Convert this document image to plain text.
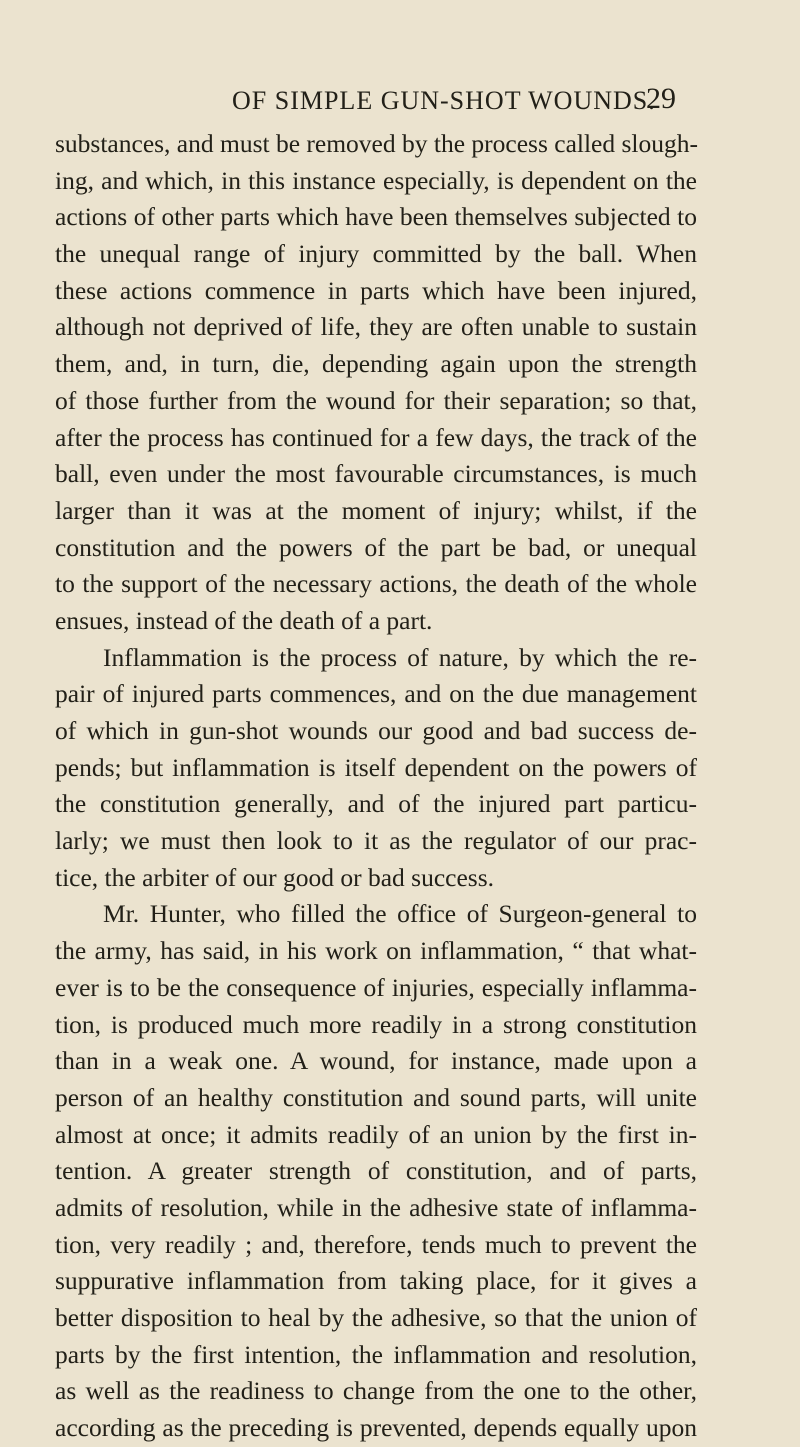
OF SIMPLE GUN-SHOT WOUNDS.
29
substances, and must be removed by the process called slough-
ing, and which, in this instance especially, is dependent on the
actions of other parts which have been themselves subjected to
the unequal range of injury committed by the ball. When
these actions commence in parts which have been injured,
although not deprived of life, they are often unable to sustain
them, and, in turn, die, depending again upon the strength
of those further from the wound for their separation; so that,
after the process has continued for a few days, the track of the
ball, even under the most favourable circumstances, is much
larger than it was at the moment of injury; whilst, if the
constitution and the powers of the part be bad, or unequal
to the support of the necessary actions, the death of the whole
ensues, instead of the death of a part.
Inflammation is the process of nature, by which the re-
pair of injured parts commences, and on the due management
of which in gun-shot wounds our good and bad success de-
pends; but inflammation is itself dependent on the powers of
the constitution generally, and of the injured part particu-
larly; we must then look to it as the regulator of our prac-
tice, the arbiter of our good or bad success.
Mr. Hunter, who filled the office of Surgeon-general to
the army, has said, in his work on inflammation, “ that what-
ever is to be the consequence of injuries, especially inflamma-
tion, is produced much more readily in a strong constitution
than in a weak one. A wound, for instance, made upon a
person of an healthy constitution and sound parts, will unite
almost at once; it admits readily of an union by the first in-
tention. A greater strength of constitution, and of parts,
admits of resolution, while in the adhesive state of inflamma-
tion, very readily ; and, therefore, tends much to prevent the
suppurative inflammation from taking place, for it gives a
better disposition to heal by the adhesive, so that the union of
parts by the first intention, the inflammation and resolution,
as well as the readiness to change from the one to the other,
according as the preceding is prevented, depends equally upon
